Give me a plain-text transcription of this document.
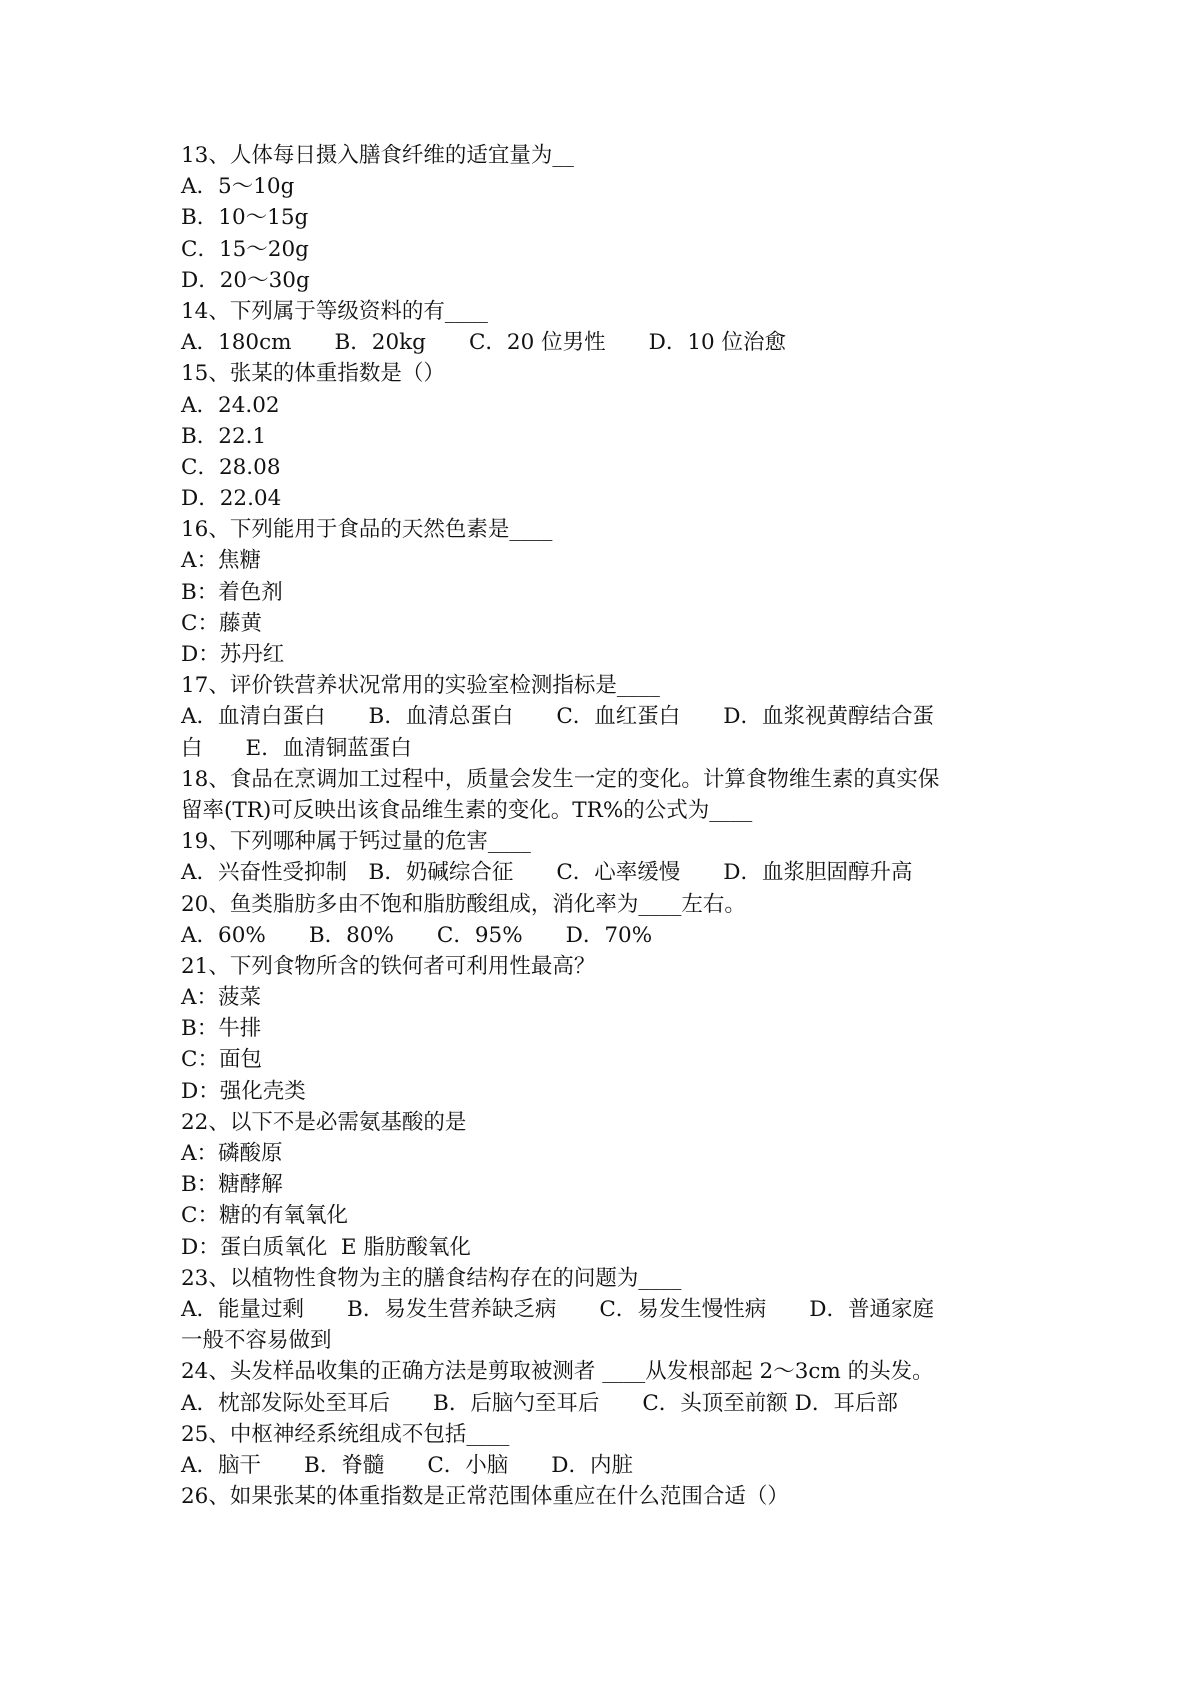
13、人体每日摄入膳食纤维的适宜量为__
A．5～10g
B．10～15g
C．15～20g
D．20～30g
14、下列属于等级资料的有____
A．180cm　　B．20kg　　C．20 位男性　　D．10 位治愈
15、张某的体重指数是（）
A．24.02
B．22.1
C．28.08
D．22.04
16、下列能用于食品的天然色素是____
A：焦糖
B：着色剂
C：藤黄
D：苏丹红
17、评价铁营养状况常用的实验室检测指标是____
A．血清白蛋白　　B．血清总蛋白　　C．血红蛋白　　D．血浆视黄醇结合蛋
白　　E．血清铜蓝蛋白
18、食品在烹调加工过程中，质量会发生一定的变化。计算食物维生素的真实保
留率(TR)可反映出该食品维生素的变化。TR%的公式为____
19、下列哪种属于钙过量的危害____
A．兴奋性受抑制　B．奶碱综合征　　C．心率缓慢　　D．血浆胆固醇升高
20、鱼类脂肪多由不饱和脂肪酸组成，消化率为____左右。
A．60%　　B．80%　　C．95%　　D．70%
21、下列食物所含的铁何者可利用性最高？
A：菠菜
B：牛排
C：面包
D：强化壳类
22、以下不是必需氨基酸的是
A：磷酸原
B：糖酵解
C：糖的有氧氧化
D：蛋白质氧化  E 脂肪酸氧化
23、以植物性食物为主的膳食结构存在的问题为____
A．能量过剩　　B．易发生营养缺乏病　　C．易发生慢性病　　D．普通家庭
一般不容易做到
24、头发样品收集的正确方法是剪取被测者 ____从发根部起 2～3cm 的头发。
A．枕部发际处至耳后　　B．后脑勺至耳后　　C．头顶至前额 D．耳后部
25、中枢神经系统组成不包括____
A．脑干　　B．脊髓　　C．小脑　　D．内脏
26、如果张某的体重指数是正常范围体重应在什么范围合适（）
